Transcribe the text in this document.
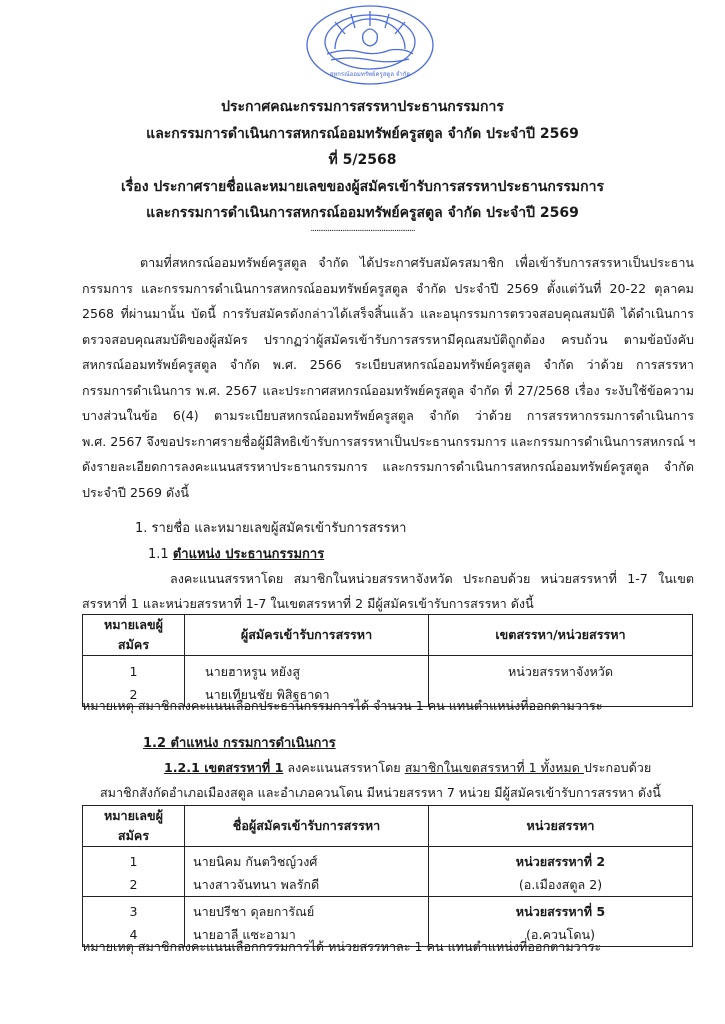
สหกรณ์ออมทรัพย์ครูสตูล จำกัด
ประกาศคณะกรรมการสรรหาประธานกรรมการ
และกรรมการดำเนินการสหกรณ์ออมทรัพย์ครูสตูล จำกัด ประจำปี 2569
ที่ 5/2568
เรื่อง ประกาศรายชื่อและหมายเลขของผู้สมัครเข้ารับการสรรหาประธานกรรมการ
และกรรมการดำเนินการสหกรณ์ออมทรัพย์ครูสตูล จำกัด ประจำปี 2569
........................................................
ตามที่สหกรณ์ออมทรัพย์ครูสตูล จำกัด ได้ประกาศรับสมัครสมาชิก เพื่อเข้ารับการสรรหาเป็นประธาน
กรรมการ และกรรมการดำเนินการสหกรณ์ออมทรัพย์ครูสตูล จำกัด ประจำปี 2569 ตั้งแต่วันที่ 20-22 ตุลาคม
2568 ที่ผ่านมานั้น บัดนี้ การรับสมัครดังกล่าวได้เสร็จสิ้นแล้ว และอนุกรรมการตรวจสอบคุณสมบัติ ได้ดำเนินการ
ตรวจสอบคุณสมบัติของผู้สมัคร ปรากฏว่าผู้สมัครเข้ารับการสรรหามีคุณสมบัติถูกต้อง ครบถ้วน ตามข้อบังคับ
สหกรณ์ออมทรัพย์ครูสตูล จำกัด พ.ศ. 2566 ระเบียบสหกรณ์ออมทรัพย์ครูสตูล จำกัด ว่าด้วย การสรรหา
กรรมการดำเนินการ พ.ศ. 2567 และประกาศสหกรณ์ออมทรัพย์ครูสตูล จำกัด ที่ 27/2568 เรื่อง ระงับใช้ข้อความ
บางส่วนในข้อ 6(4) ตามระเบียบสหกรณ์ออมทรัพย์ครูสตูล จำกัด ว่าด้วย การสรรหากรรมการดำเนินการ
พ.ศ. 2567 จึงขอประกาศรายชื่อผู้มีสิทธิเข้ารับการสรรหาเป็นประธานกรรมการ และกรรมการดำเนินการสหกรณ์ ฯ
ดังรายละเอียดการลงคะแนนสรรหาประธานกรรมการ และกรรมการดำเนินการสหกรณ์ออมทรัพย์ครูสตูล จำกัด
ประจำปี 2569 ดังนี้
1. รายชื่อ และหมายเลขผู้สมัครเข้ารับการสรรหา
1.1 ตำแหน่ง ประธานกรรมการ
ลงคะแนนสรรหาโดย สมาชิกในหน่วยสรรหาจังหวัด ประกอบด้วย หน่วยสรรหาที่ 1-7 ในเขต
สรรหาที่ 1 และหน่วยสรรหาที่ 1-7 ในเขตสรรหาที่ 2 มีผู้สมัครเข้ารับการสรรหา ดังนี้
หมายเลขผู้สมัคร	ผู้สมัครเข้ารับการสรรหา	เขตสรรหา/หน่วยสรรหา
1	นายฮาหรูน หยังสู	หน่วยสรรหาจังหวัด
2	นายเทียนชัย พิสิฐธาดา	
หมายเหตุ สมาชิกลงคะแนนเลือกประธานกรรมการได้ จำนวน 1 คน แทนตำแหน่งที่ออกตามวาระ
1.2 ตำแหน่ง กรรมการดำเนินการ
1.2.1 เขตสรรหาที่ 1 ลงคะแนนสรรหาโดย สมาชิกในเขตสรรหาที่ 1 ทั้งหมด ประกอบด้วย
สมาชิกสังกัดอำเภอเมืองสตูล และอำเภอควนโดน มีหน่วยสรรหา 7 หน่วย มีผู้สมัครเข้ารับการสรรหา ดังนี้
หมายเลขผู้สมัคร	ชื่อผู้สมัครเข้ารับการสรรหา	หน่วยสรรหา
1	นายนิคม กันตวิชญ์วงศ์	หน่วยสรรหาที่ 2
2	นางสาวจันทนา พลรักดี	(อ.เมืองสตูล 2)
3	นายปรีชา ดุลยการัณย์	หน่วยสรรหาที่ 5
4	นายอาลี แซะอามา	(อ.ควนโดน)
หมายเหตุ สมาชิกลงคะแนนเลือกกรรมการได้ หน่วยสรรหาละ 1 คน แทนตำแหน่งที่ออกตามวาระ
